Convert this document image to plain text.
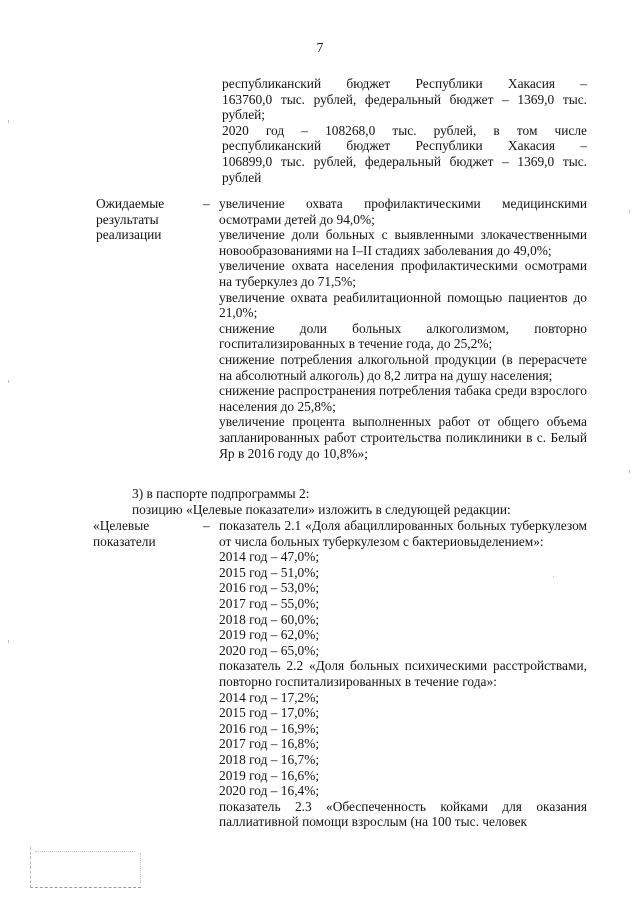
7
республиканский бюджет Республики Хакасия –
163760,0 тыс. рублей, федеральный бюджет – 1369,0 тыс.
рублей;
2020 год – 108268,0 тыс. рублей, в том числе
республиканский бюджет Республики Хакасия –
106899,0 тыс. рублей, федеральный бюджет – 1369,0 тыс.
рублей
Ожидаемые
результаты
реализации
– увеличение охвата профилактическими медицинскими осмотрами детей до 94,0%;

увеличение доли больных с выявленными злокачественными новообразованиями на I–II стадиях заболевания до 49,0%;

увеличение охвата населения профилактическими осмотрами на туберкулез до 71,5%;

увеличение охвата реабилитационной помощью пациентов до 21,0%;

снижение доли больных алкоголизмом, повторно госпитализированных в течение года, до 25,2%;

снижение потребления алкогольной продукции (в перерасчете на абсолютный алкоголь) до 8,2 литра на душу населения;

снижение распространения потребления табака среди взрослого населения до 25,8%;

увеличение процента выполненных работ от общего объема запланированных работ строительства поликлиники в с. Белый Яр в 2016 году до 10,8%»;

3) в паспорте подпрограммы 2:
позицию «Целевые показатели» изложить в следующей редакции:
«Целевые
показатели
– показатель 2.1 «Доля абациллированных больных туберкулезом от числа больных туберкулезом с бактериовыделением»:

2014 год – 47,0%;
2015 год – 51,0%;
2016 год – 53,0%;
2017 год – 55,0%;
2018 год – 60,0%;
2019 год – 62,0%;
2020 год – 65,0%;

показатель 2.2 «Доля больных психическими расстройствами, повторно госпитализированных в течение года»:

2014 год – 17,2%;
2015 год – 17,0%;
2016 год – 16,9%;
2017 год – 16,8%;
2018 год – 16,7%;
2019 год – 16,6%;
2020 год – 16,4%;

показатель 2.3 «Обеспеченность койками для оказания паллиативной помощи взрослым (на 100 тыс. человек
